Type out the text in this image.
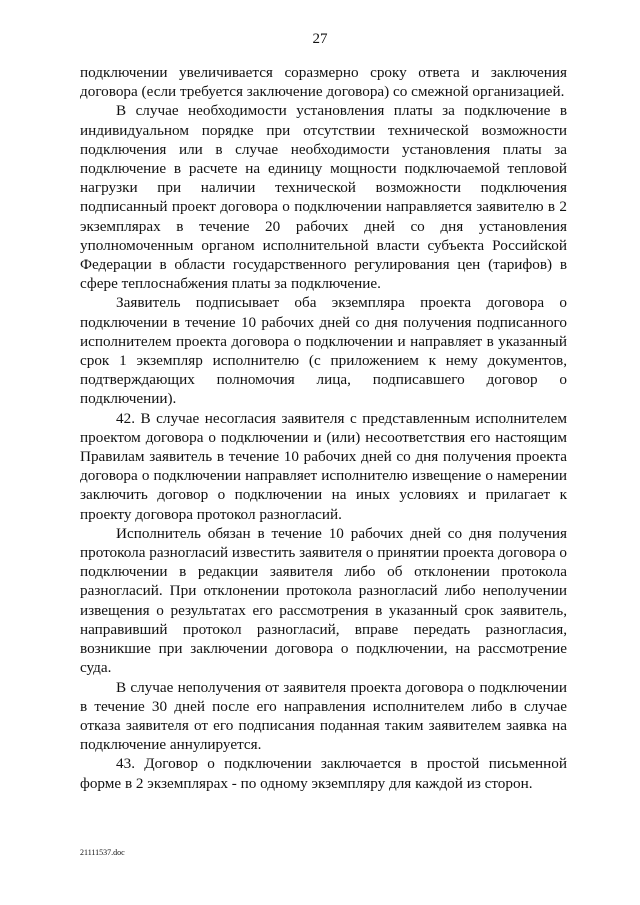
27

подключении увеличивается соразмерно сроку ответа и заключения договора (если требуется заключение договора) со смежной организацией.

В случае необходимости установления платы за подключение в индивидуальном порядке при отсутствии технической возможности подключения или в случае необходимости установления платы за подключение в расчете на единицу мощности подключаемой тепловой нагрузки при наличии технической возможности подключения подписанный проект договора о подключении направляется заявителю в 2 экземплярах в течение 20 рабочих дней со дня установления уполномоченным органом исполнительной власти субъекта Российской Федерации в области государственного регулирования цен (тарифов) в сфере теплоснабжения платы за подключение.

Заявитель подписывает оба экземпляра проекта договора о подключении в течение 10 рабочих дней со дня получения подписанного исполнителем проекта договора о подключении и направляет в указанный срок 1 экземпляр исполнителю (с приложением к нему документов, подтверждающих полномочия лица, подписавшего договор о подключении).

42. В случае несогласия заявителя с представленным исполнителем проектом договора о подключении и (или) несоответствия его настоящим Правилам заявитель в течение 10 рабочих дней со дня получения проекта договора о подключении направляет исполнителю извещение о намерении заключить договор о подключении на иных условиях и прилагает к проекту договора протокол разногласий.

Исполнитель обязан в течение 10 рабочих дней со дня получения протокола разногласий известить заявителя о принятии проекта договора о подключении в редакции заявителя либо об отклонении протокола разногласий. При отклонении протокола разногласий либо неполучении извещения о результатах его рассмотрения в указанный срок заявитель, направивший протокол разногласий, вправе передать разногласия, возникшие при заключении договора о подключении, на рассмотрение суда.

В случае неполучения от заявителя проекта договора о подключении в течение 30 дней после его направления исполнителем либо в случае отказа заявителя от его подписания поданная таким заявителем заявка на подключение аннулируется.

43. Договор о подключении заключается в простой письменной форме в 2 экземплярах - по одному экземпляру для каждой из сторон.

21111537.doc
